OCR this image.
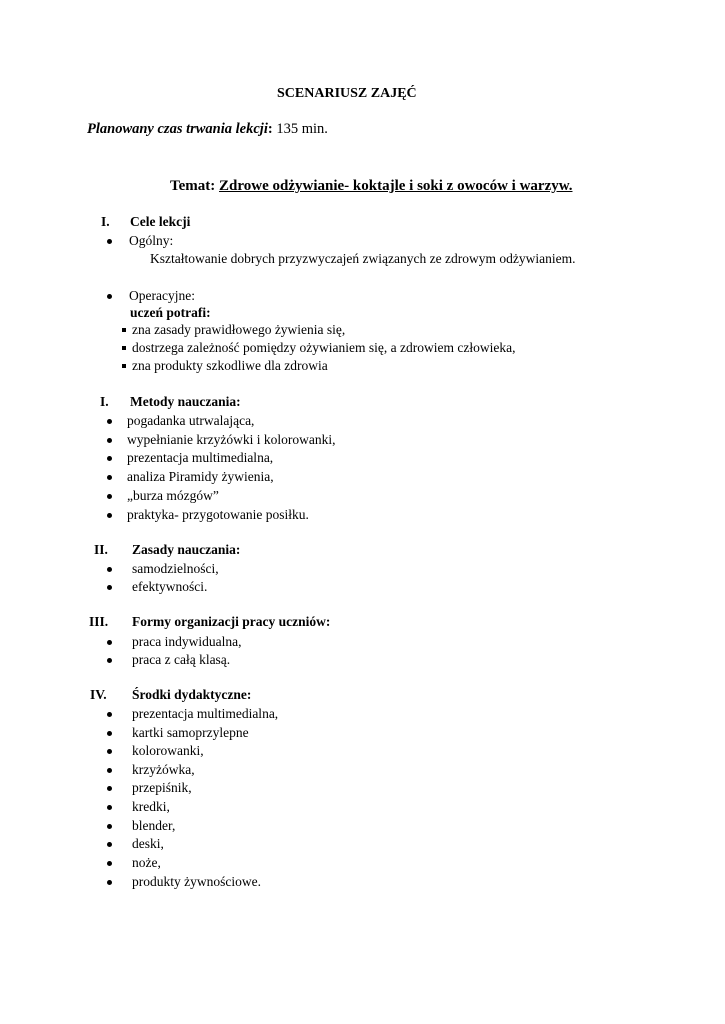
SCENARIUSZ ZAJĘĆ
Planowany czas trwania lekcji: 135 min.
Temat: Zdrowe odżywianie- koktajle i soki z owoców i warzyw.
I. Cele lekcji
Ogólny:
Kształtowanie dobrych przyzwyczajeń związanych ze zdrowym odżywianiem.
Operacyjne:
uczeń potrafi:
zna zasady prawidłowego żywienia się,
dostrzega zależność pomiędzy ożywianiem się, a zdrowiem człowieka,
zna produkty szkodliwe dla zdrowia
I. Metody nauczania:
pogadanka utrwalająca,
wypełnianie krzyżówki i kolorowanki,
prezentacja multimedialna,
analiza Piramidy żywienia,
„burza mózgów”
praktyka- przygotowanie posiłku.
II. Zasady nauczania:
samodzielności,
efektywności.
III. Formy organizacji pracy uczniów:
praca indywidualna,
praca z całą klasą.
IV. Środki dydaktyczne:
prezentacja multimedialna,
kartki samoprzylepne
kolorowanki,
krzyżówka,
przepiśnik,
kredki,
blender,
deski,
noże,
produkty żywnościowe.
